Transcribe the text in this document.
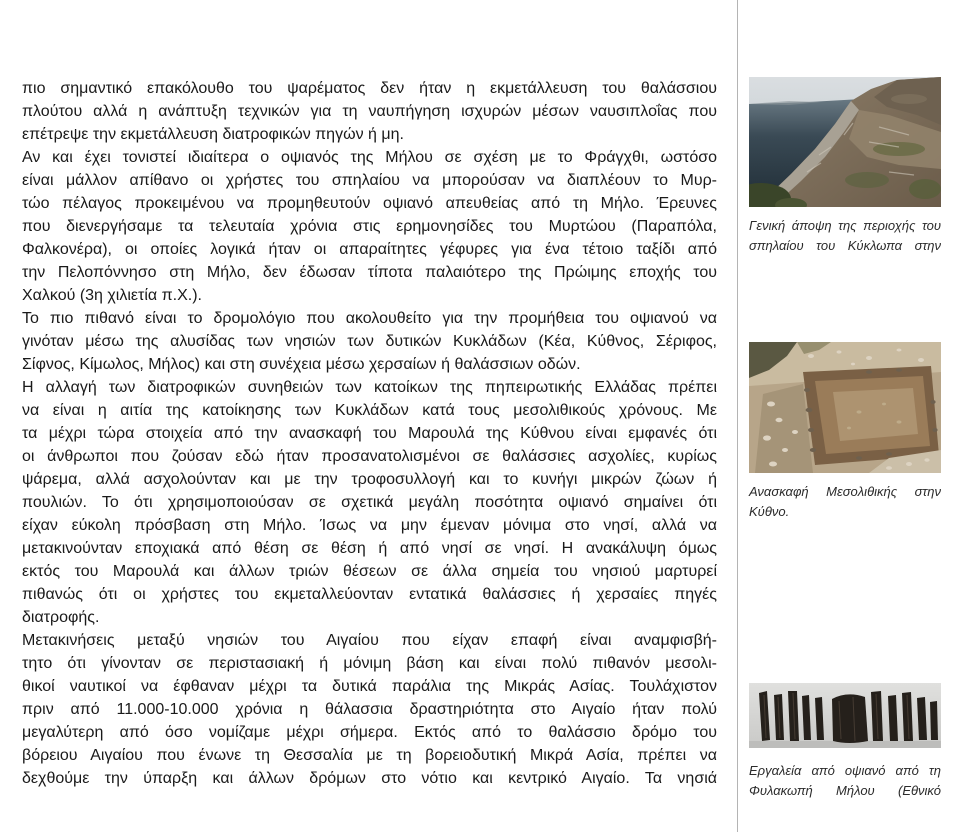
πιο σημαντικό επακόλουθο του ψαρέματος δεν ήταν η εκμετάλλευση του θαλάσσιου
πλούτου αλλά η ανάπτυξη τεχνικών για τη ναυπήγηση ισχυρών μέσων ναυσιπλοΐας που
επέτρεψε την εκμετάλλευση διατροφικών πηγών ή μη.
Αν και έχει τονιστεί ιδιαίτερα ο οψιανός της Μήλου σε σχέση με το Φράγχθι, ωστόσο
είναι μάλλον απίθανο οι χρήστες του σπηλαίου να μπορούσαν να διαπλέουν το Μυρ-
τώο πέλαγος προκειμένου να προμηθευτούν οψιανό απευθείας από τη Μήλο. Έρευνες
που διενεργήσαμε τα τελευταία χρόνια στις ερημονησίδες του Μυρτώου (Παραπόλα,
Φαλκονέρα), οι οποίες λογικά ήταν οι απαραίτητες γέφυρες για ένα τέτοιο ταξίδι από
την Πελοπόννησο στη Μήλο, δεν έδωσαν τίποτα παλαιότερο της Πρώιμης εποχής του
Χαλκού (3η χιλιετία π.Χ.).
Το πιο πιθανό είναι το δρομολόγιο που ακολουθείτο για την προμήθεια του οψιανού να
γινόταν μέσω της αλυσίδας των νησιών των δυτικών Κυκλάδων (Κέα, Κύθνος, Σέριφος,
Σίφνος, Κίμωλος, Μήλος) και στη συνέχεια μέσω χερσαίων ή θαλάσσιων οδών.
Η αλλαγή των διατροφικών συνηθειών των κατοίκων της πηπειρωτικής Ελλάδας πρέπει
να είναι η αιτία της κατοίκησης των Κυκλάδων κατά τους μεσολιθικούς χρόνους. Με
τα μέχρι τώρα στοιχεία από την ανασκαφή του Μαρουλά της Κύθνου είναι εμφανές ότι
οι άνθρωποι που ζούσαν εδώ ήταν προσανατολισμένοι σε θαλάσσιες ασχολίες, κυρίως
ψάρεμα, αλλά ασχολούνταν και με την τροφοσυλλογή και το κυνήγι μικρών ζώων ή
πουλιών. Το ότι χρησιμοποιούσαν σε σχετικά μεγάλη ποσότητα οψιανό σημαίνει ότι
είχαν εύκολη πρόσβαση στη Μήλο. Ίσως να μην έμεναν μόνιμα στο νησί, αλλά να
μετακινούνταν εποχιακά από θέση σε θέση ή από νησί σε νησί. Η ανακάλυψη όμως
εκτός του Μαρουλά και άλλων τριών θέσεων σε άλλα σημεία του νησιού μαρτυρεί
πιθανώς ότι οι χρήστες του εκμεταλλεύονταν εντατικά θαλάσσιες ή χερσαίες πηγές
διατροφής.
Μετακινήσεις μεταξύ νησιών του Αιγαίου που είχαν επαφή είναι αναμφισβή-
τητο ότι γίνονταν σε περιστασιακή ή μόνιμη βάση και είναι πολύ πιθανόν μεσολι-
θικοί ναυτικοί να έφθαναν μέχρι τα δυτικά παράλια της Μικράς Ασίας. Τουλάχιστον
πριν από 11.000-10.000 χρόνια η θάλασσια δραστηριότητα στο Αιγαίο ήταν πολύ
μεγαλύτερη από όσο νομίζαμε μέχρι σήμερα. Εκτός από το θαλάσσιο δρόμο του
βόρειου Αιγαίου που ένωνε τη Θεσσαλία με τη βορειοδυτική Μικρά Ασία, πρέπει να
δεχθούμε την ύπαρξη και άλλων δρόμων στο νότιο και κεντρικό Αιγαίο. Τα νησιά
Γενική άποψη της περιοχής του
σπηλαίου του Κύκλωπα στην
Ανασκαφή Μεσολιθικής στην
Κύθνο.
Εργαλεία από οψιανό από τη
Φυλακωπή Μήλου (Εθνικό
